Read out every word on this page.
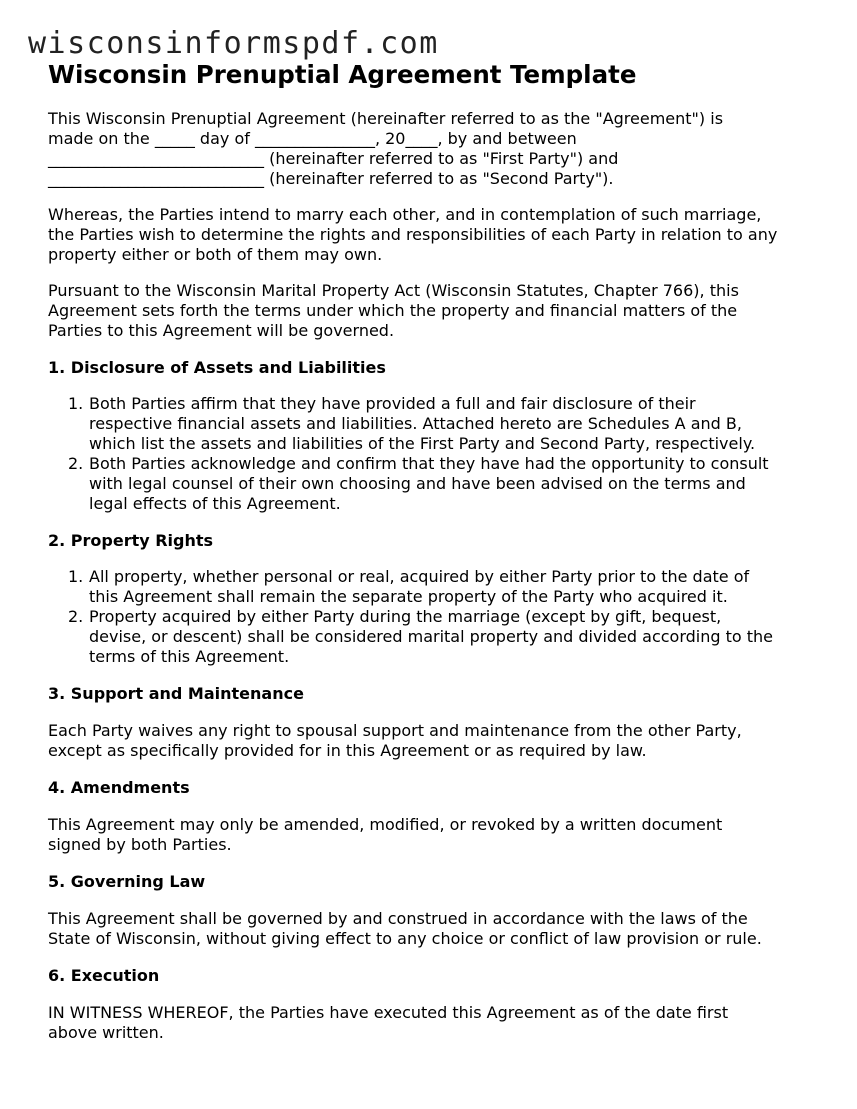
wisconsinformspdf.com
Wisconsin Prenuptial Agreement Template

This Wisconsin Prenuptial Agreement (hereinafter referred to as the "Agreement") is
made on the _____ day of _______________, 20____, by and between
___________________________ (hereinafter referred to as "First Party") and
___________________________ (hereinafter referred to as "Second Party").

Whereas, the Parties intend to marry each other, and in contemplation of such marriage,
the Parties wish to determine the rights and responsibilities of each Party in relation to any
property either or both of them may own.

Pursuant to the Wisconsin Marital Property Act (Wisconsin Statutes, Chapter 766), this
Agreement sets forth the terms under which the property and financial matters of the
Parties to this Agreement will be governed.

1. Disclosure of Assets and Liabilities
1. Both Parties affirm that they have provided a full and fair disclosure of their
respective financial assets and liabilities. Attached hereto are Schedules A and B,
which list the assets and liabilities of the First Party and Second Party, respectively.
2. Both Parties acknowledge and confirm that they have had the opportunity to consult
with legal counsel of their own choosing and have been advised on the terms and
legal effects of this Agreement.
2. Property Rights
1. All property, whether personal or real, acquired by either Party prior to the date of
this Agreement shall remain the separate property of the Party who acquired it.
2. Property acquired by either Party during the marriage (except by gift, bequest,
devise, or descent) shall be considered marital property and divided according to the
terms of this Agreement.
3. Support and Maintenance

Each Party waives any right to spousal support and maintenance from the other Party,
except as specifically provided for in this Agreement or as required by law.

4. Amendments

This Agreement may only be amended, modified, or revoked by a written document
signed by both Parties.

5. Governing Law

This Agreement shall be governed by and construed in accordance with the laws of the
State of Wisconsin, without giving effect to any choice or conflict of law provision or rule.

6. Execution

IN WITNESS WHEREOF, the Parties have executed this Agreement as of the date first
above written.
